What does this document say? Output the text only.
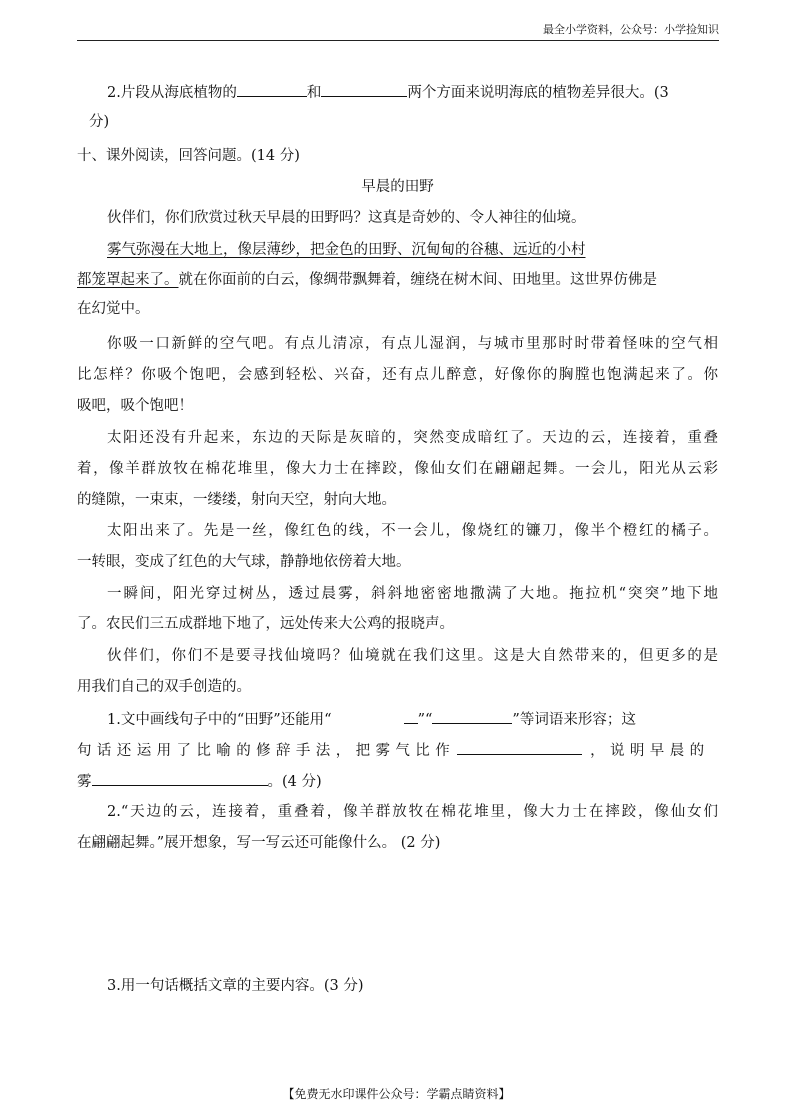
最全小学资料，公众号：小学捡知识
2.片段从海底植物的	和	两个方面来说明海底的植物差异很大。(3
分)
十、课外阅读，回答问题。(14 分)
早晨的田野
伙伴们，你们欣赏过秋天早晨的田野吗？这真是奇妙的、令人神往的仙境。
雾气弥漫在大地上，像层薄纱，把金色的田野、沉甸甸的谷穗、远近的小村
都笼罩起来了。就在你面前的白云，像绸带飘舞着，缠绕在树木间、田地里。这世界仿佛是
在幻觉中。
你吸一口新鲜的空气吧。有点儿清凉，有点儿湿润，与城市里那时时带着怪味的空气相
比怎样？你吸个饱吧，会感到轻松、兴奋，还有点儿醉意，好像你的胸膛也饱满起来了。你
吸吧，吸个饱吧！
太阳还没有升起来，东边的天际是灰暗的，突然变成暗红了。天边的云，连接着，重叠
着，像羊群放牧在棉花堆里，像大力士在摔跤，像仙女们在翩翩起舞。一会儿，阳光从云彩
的缝隙，一束束，一缕缕，射向天空，射向大地。
太阳出来了。先是一丝，像红色的线，不一会儿，像烧红的镰刀，像半个橙红的橘子。
一转眼，变成了红色的大气球，静静地依傍着大地。
一瞬间，阳光穿过树丛，透过晨雾，斜斜地密密地撒满了大地。拖拉机“突突”地下地
了。农民们三五成群地下地了，远处传来大公鸡的报晓声。
伙伴们，你们不是要寻找仙境吗？仙境就在我们这里。这是大自然带来的，但更多的是
用我们自己的双手创造的。
1.文中画线句子中的“田野”还能用“	”“	”等词语来形容；这
句话还运用了比喻的修辞手法，把雾气比作	，说明早晨的
雾	。(4 分)
2.“天边的云，连接着，重叠着，像羊群放牧在棉花堆里，像大力士在摔跤，像仙女们
在翩翩起舞。”展开想象，写一写云还可能像什么。 (2 分)
3.用一句话概括文章的主要内容。(3 分)
【免费无水印课件公众号：学霸点睛资料】
